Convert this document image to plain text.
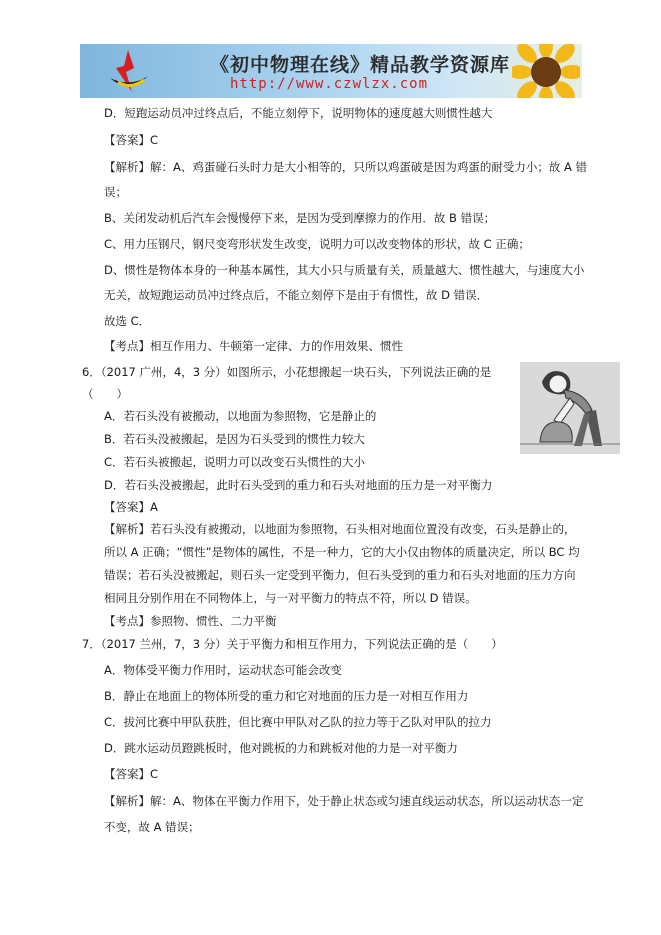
《初中物理在线》精品教学资源库
http://www.czwlzx.com
D．短跑运动员冲过终点后，不能立刻停下，说明物体的速度越大则惯性越大
【答案】C
【解析】解：A、鸡蛋碰石头时力是大小相等的，只所以鸡蛋破是因为鸡蛋的耐受力小；故 A 错
误；
B、关闭发动机后汽车会慢慢停下来，是因为受到摩擦力的作用．故 B 错误；
C、用力压钢尺，钢尺变弯形状发生改变，说明力可以改变物体的形状，故 C 正确；
D、惯性是物体本身的一种基本属性，其大小只与质量有关，质量越大、惯性越大，与速度大小
无关，故短跑运动员冲过终点后，不能立刻停下是由于有惯性，故 D 错误．
故选 C．
【考点】相互作用力、牛顿第一定律、力的作用效果、惯性
6．（2017 广州，4，3 分）如图所示，小花想搬起一块石头，下列说法正确的是
（　　）
A．若石头没有被搬动，以地面为参照物，它是静止的
B．若石头没被搬起，是因为石头受到的惯性力较大
C．若石头被搬起，说明力可以改变石头惯性的大小
D．若石头没被搬起，此时石头受到的重力和石头对地面的压力是一对平衡力
【答案】A
【解析】若石头没有被搬动，以地面为参照物，石头相对地面位置没有改变，石头是静止的，
所以 A 正确；“惯性”是物体的属性，不是一种力，它的大小仅由物体的质量决定，所以 BC 均
错误；若石头没被搬起，则石头一定受到平衡力，但石头受到的重力和石头对地面的压力方向
相同且分别作用在不同物体上，与一对平衡力的特点不符，所以 D 错误。
【考点】参照物、惯性、二力平衡
7．（2017 兰州，7，3 分）关于平衡力和相互作用力，下列说法正确的是（　　）
A．物体受平衡力作用时，运动状态可能会改变
B．静止在地面上的物体所受的重力和它对地面的压力是一对相互作用力
C．拔河比赛中甲队获胜，但比赛中甲队对乙队的拉力等于乙队对甲队的拉力
D．跳水运动员蹬跳板时，他对跳板的力和跳板对他的力是一对平衡力
【答案】C
【解析】解：A、物体在平衡力作用下，处于静止状态或匀速直线运动状态，所以运动状态一定
不变，故 A 错误；
